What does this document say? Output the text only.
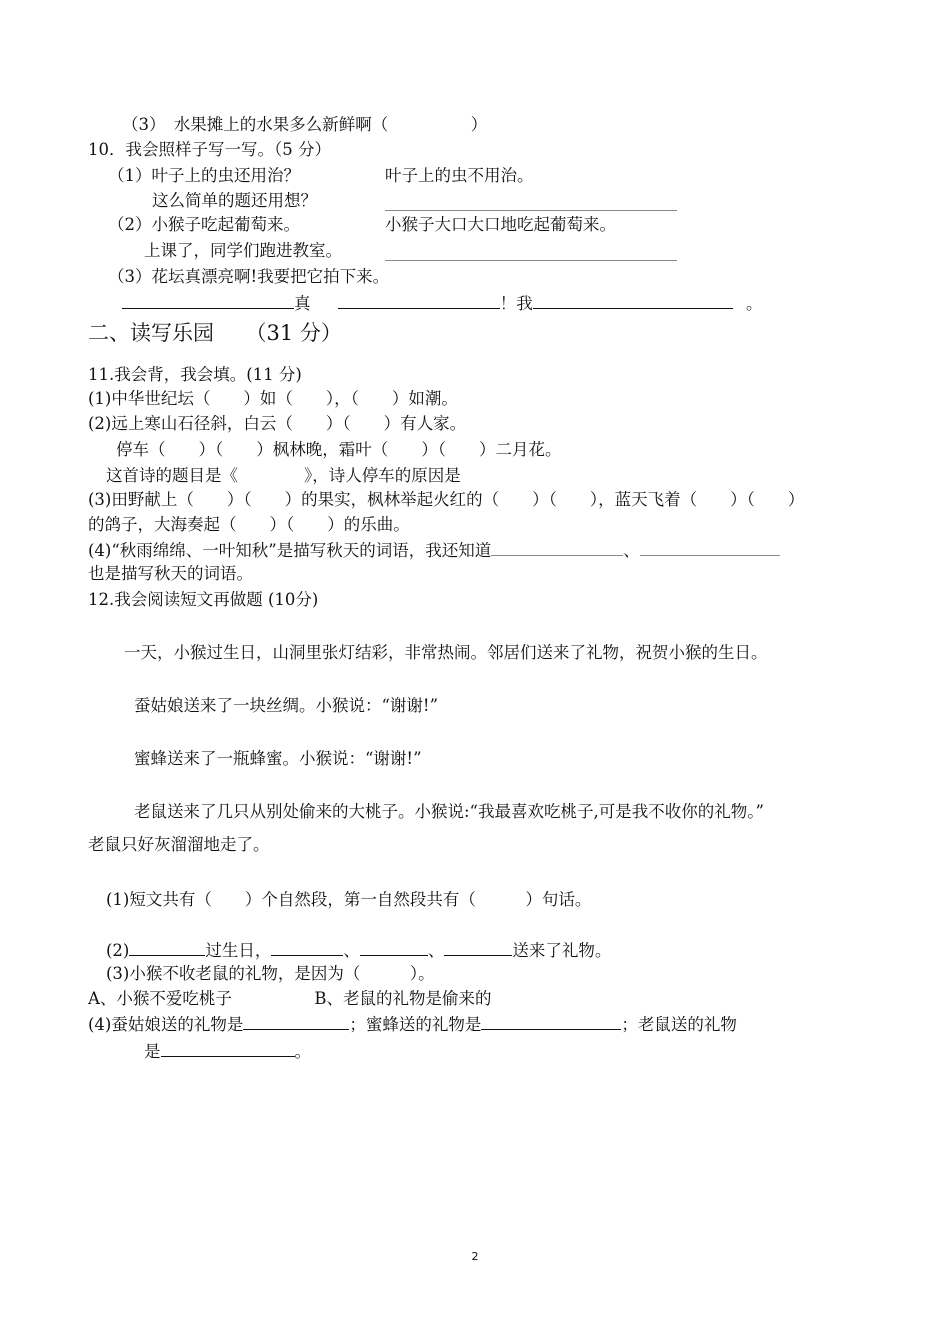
（3）　水果摊上的水果多么新鲜啊（　　　　　）
10．我会照样子写一写。（5 分）
（1）叶子上的虫还用治？	叶子上的虫不用治。
这么简单的题还用想？
（2）小猴子吃起葡萄来。	小猴子大口大口地吃起葡萄来。
上课了，同学们跑进教室。
（3）花坛真漂亮啊!我要把它拍下来。
真	！我	。
二、读写乐园　　（31 分）
11.我会背，我会填。(11 分)
(1)中华世纪坛（　　）如（　　），（　　）如潮。
(2)远上寒山石径斜，白云（　　）（　　）有人家。
停车（　　）（　　）枫林晚，霜叶（　　）（　　）二月花。
这首诗的题目是《　　　　》，诗人停车的原因是
(3)田野献上（　　）（　　）的果实，枫林举起火红的（　　）（　　），蓝天飞着（　　）（　　）
的鸽子，大海奏起（　　）（　　）的乐曲。
(4)“秋雨绵绵、一叶知秋”是描写秋天的词语，我还知道	、
也是描写秋天的词语。
12.我会阅读短文再做题 (10分)
一天，小猴过生日，山洞里张灯结彩，非常热闹。邻居们送来了礼物，祝贺小猴的生日。
蚕姑娘送来了一块丝绸。小猴说：“谢谢!”
蜜蜂送来了一瓶蜂蜜。小猴说：“谢谢!”
老鼠送来了几只从别处偷来的大桃子。小猴说:“我最喜欢吃桃子,可是我不收你的礼物。”
老鼠只好灰溜溜地走了。
(1)短文共有（　　）个自然段，第一自然段共有（　　　）句话。
(2)	过生日，	、	、	送来了礼物。
(3)小猴不收老鼠的礼物，是因为（　　　）。
A、小猴不爱吃桃子　　　　　B、老鼠的礼物是偷来的
(4)蚕姑娘送的礼物是	；蜜蜂送的礼物是	；老鼠送的礼物
是	。
2
